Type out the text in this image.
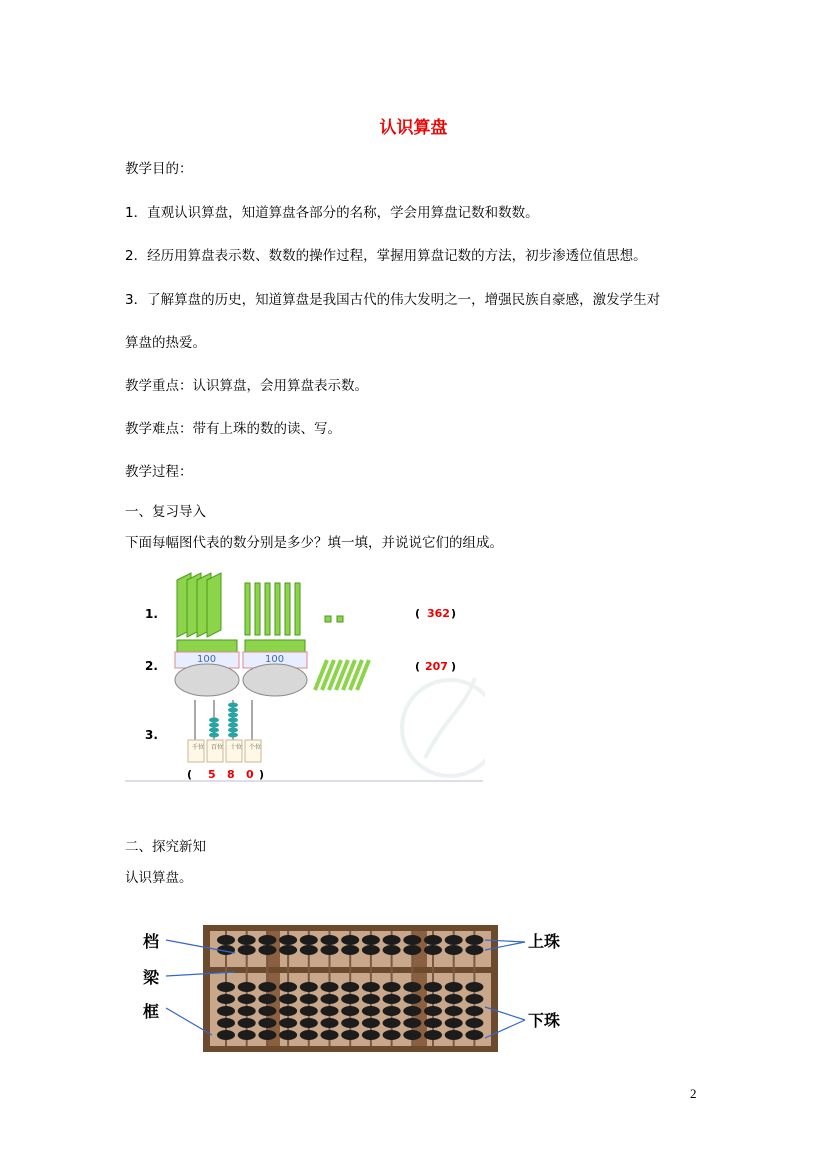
认识算盘
教学目的：
1．直观认识算盘，知道算盘各部分的名称，学会用算盘记数和数数。
2．经历用算盘表示数、数数的操作过程，掌握用算盘记数的方法，初步渗透位值思想。
3．了解算盘的历史，知道算盘是我国古代的伟大发明之一，增强民族自豪感，激发学生对
算盘的热爱。
教学重点：认识算盘，会用算盘表示数。
教学难点：带有上珠的数的读、写。
教学过程：
一、复习导入
下面每幅图代表的数分别是多少？填一填，并说说它们的组成。
二、探究新知
认识算盘。
1.
2.
3.
( 362 )
100	100
( 207 )
千位 百位 十位 个位
( 5 8 0 )
档
梁
框
上珠
下珠
2
